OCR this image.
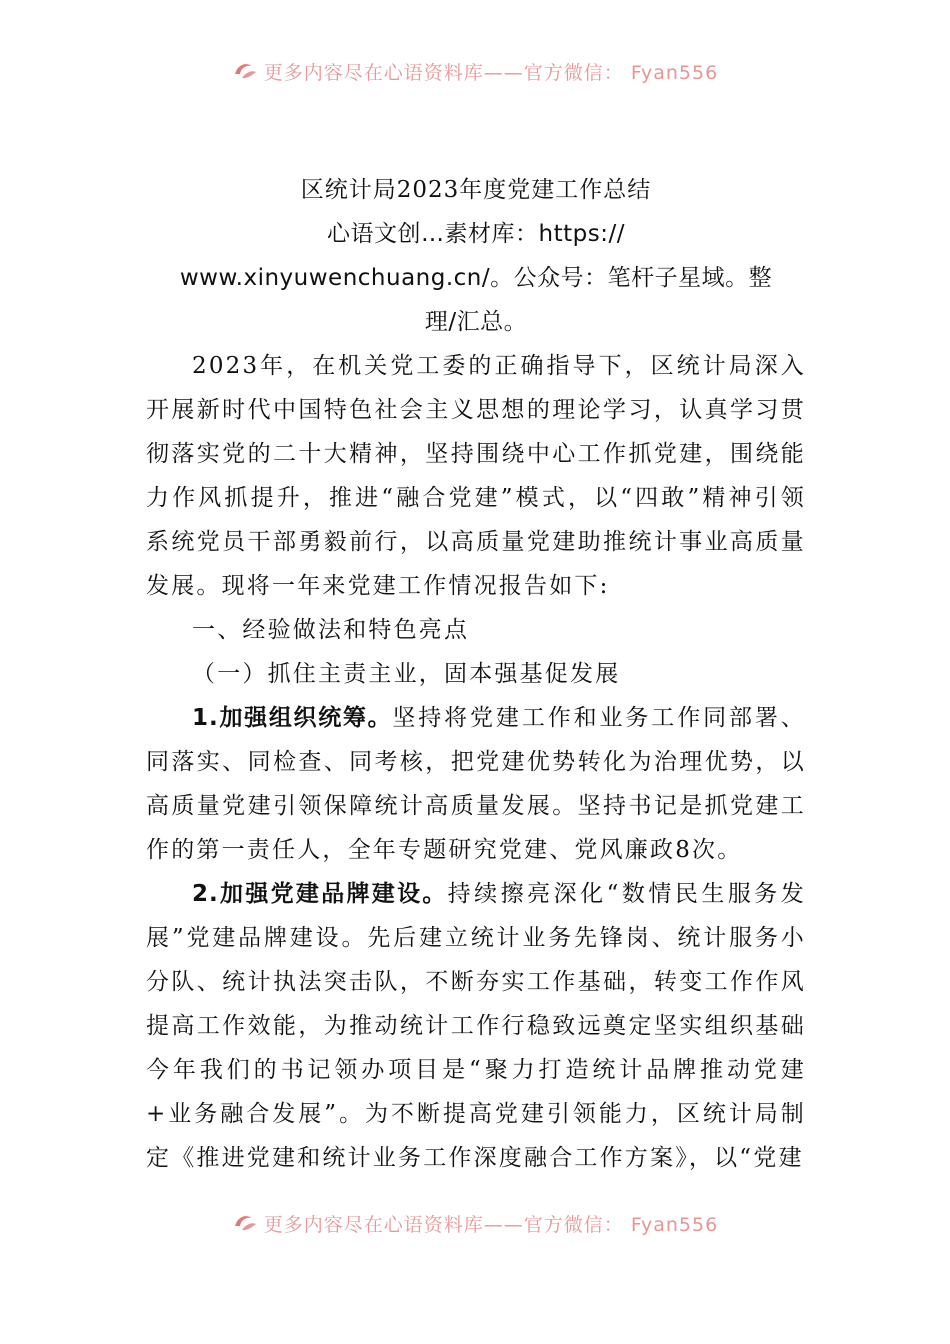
更多内容尽在心语资料库——官方微信： Fyan556

区统计局2023年度党建工作总结

心语文创…素材库：https://

www.xinyuwenchuang.cn/。公众号：笔杆子星域。整

理/汇总。

2023年，在机关党工委的正确指导下，区统计局深入开展新时代中国特色社会主义思想的理论学习，认真学习贯彻落实党的二十大精神，坚持围绕中心工作抓党建，围绕能力作风抓提升，推进“融合党建”模式，以“四敢”精神引领系统党员干部勇毅前行，以高质量党建助推统计事业高质量发展。现将一年来党建工作情况报告如下:

一、经验做法和特色亮点

（一）抓住主责主业，固本强基促发展

1.加强组织统筹。坚持将党建工作和业务工作同部署、同落实、同检查、同考核，把党建优势转化为治理优势，以高质量党建引领保障统计高质量发展。坚持书记是抓党建工作的第一责任人，全年专题研究党建、党风廉政8次。

2.加强党建品牌建设。持续擦亮深化“数情民生服务发展”党建品牌建设。先后建立统计业务先锋岗、统计服务小分队、统计执法突击队，不断夯实工作基础，转变工作作风提高工作效能，为推动统计工作行稳致远奠定坚实组织基础今年我们的书记领办项目是“聚力打造统计品牌推动党建+业务融合发展”。为不断提高党建引领能力，区统计局制定《推进党建和统计业务工作深度融合工作方案》，以“党建

更多内容尽在心语资料库——官方微信： Fyan556
